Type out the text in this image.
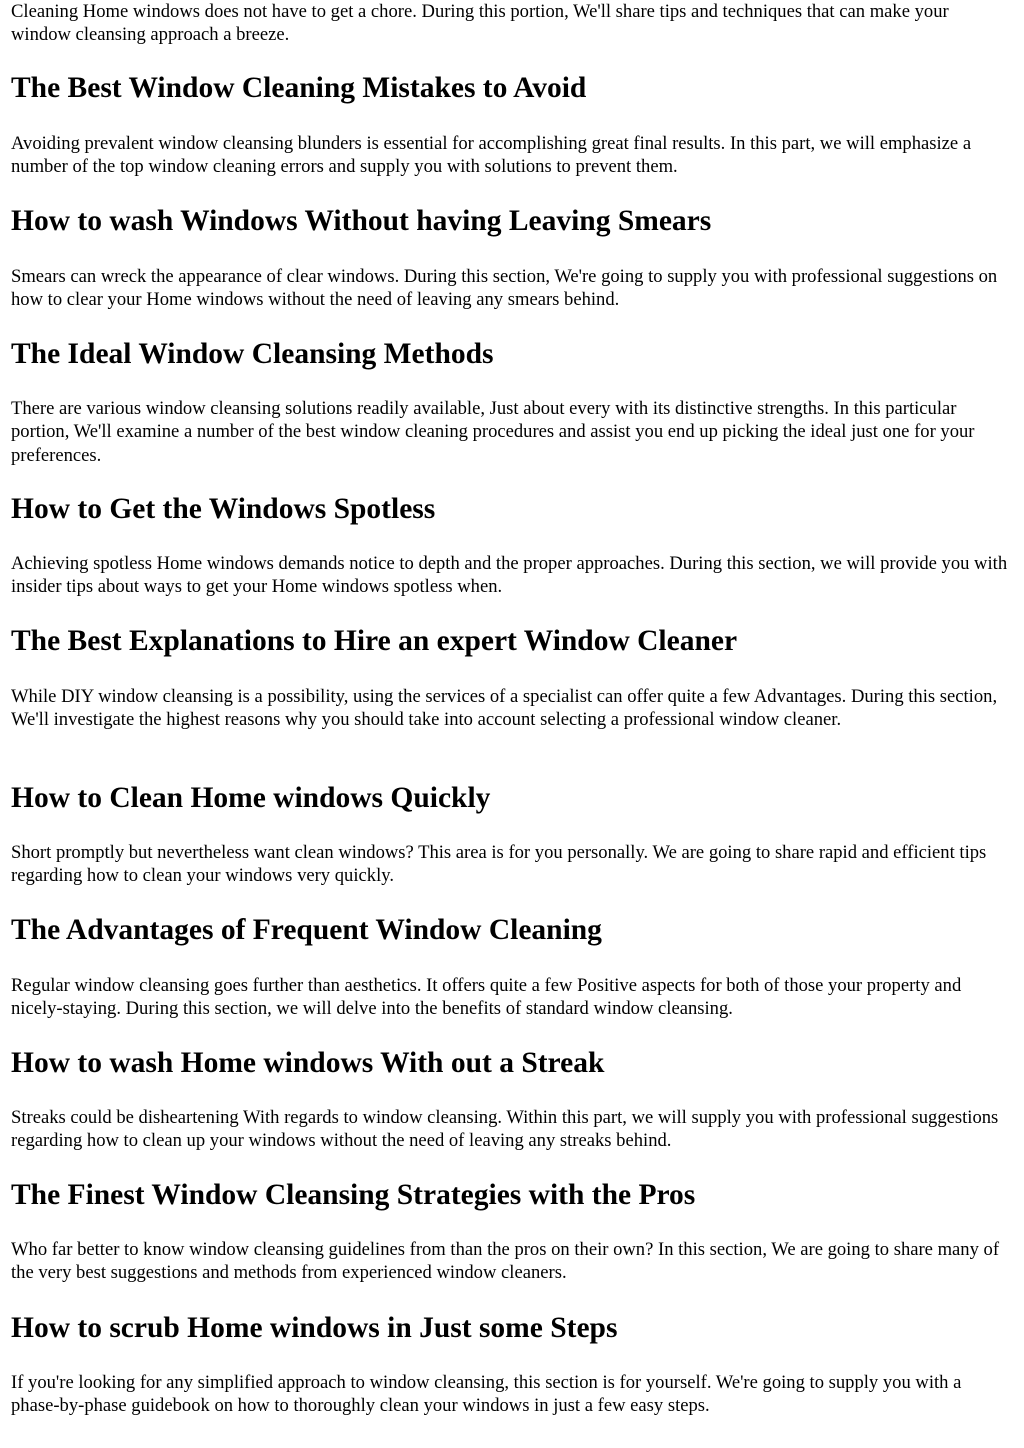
Cleaning Home windows does not have to get a chore. During this portion, We'll share tips and techniques that can make your window cleansing approach a breeze.

The Best Window Cleaning Mistakes to Avoid

Avoiding prevalent window cleansing blunders is essential for accomplishing great final results. In this part, we will emphasize a number of the top window cleaning errors and supply you with solutions to prevent them.

How to wash Windows Without having Leaving Smears

Smears can wreck the appearance of clear windows. During this section, We're going to supply you with professional suggestions on how to clear your Home windows without the need of leaving any smears behind.

The Ideal Window Cleansing Methods

There are various window cleansing solutions readily available, Just about every with its distinctive strengths. In this particular portion, We'll examine a number of the best window cleaning procedures and assist you end up picking the ideal just one for your preferences.

How to Get the Windows Spotless

Achieving spotless Home windows demands notice to depth and the proper approaches. During this section, we will provide you with insider tips about ways to get your Home windows spotless when.

The Best Explanations to Hire an expert Window Cleaner

While DIY window cleansing is a possibility, using the services of a specialist can offer quite a few Advantages. During this section, We'll investigate the highest reasons why you should take into account selecting a professional window cleaner.

How to Clean Home windows Quickly

Short promptly but nevertheless want clean windows? This area is for you personally. We are going to share rapid and efficient tips regarding how to clean your windows very quickly.

The Advantages of Frequent Window Cleaning

Regular window cleansing goes further than aesthetics. It offers quite a few Positive aspects for both of those your property and nicely-staying. During this section, we will delve into the benefits of standard window cleansing.

How to wash Home windows With out a Streak

Streaks could be disheartening With regards to window cleansing. Within this part, we will supply you with professional suggestions regarding how to clean up your windows without the need of leaving any streaks behind.

The Finest Window Cleansing Strategies with the Pros

Who far better to know window cleansing guidelines from than the pros on their own? In this section, We are going to share many of the very best suggestions and methods from experienced window cleaners.

How to scrub Home windows in Just some Steps

If you're looking for any simplified approach to window cleansing, this section is for yourself. We're going to supply you with a phase-by-phase guidebook on how to thoroughly clean your windows in just a few easy steps.
